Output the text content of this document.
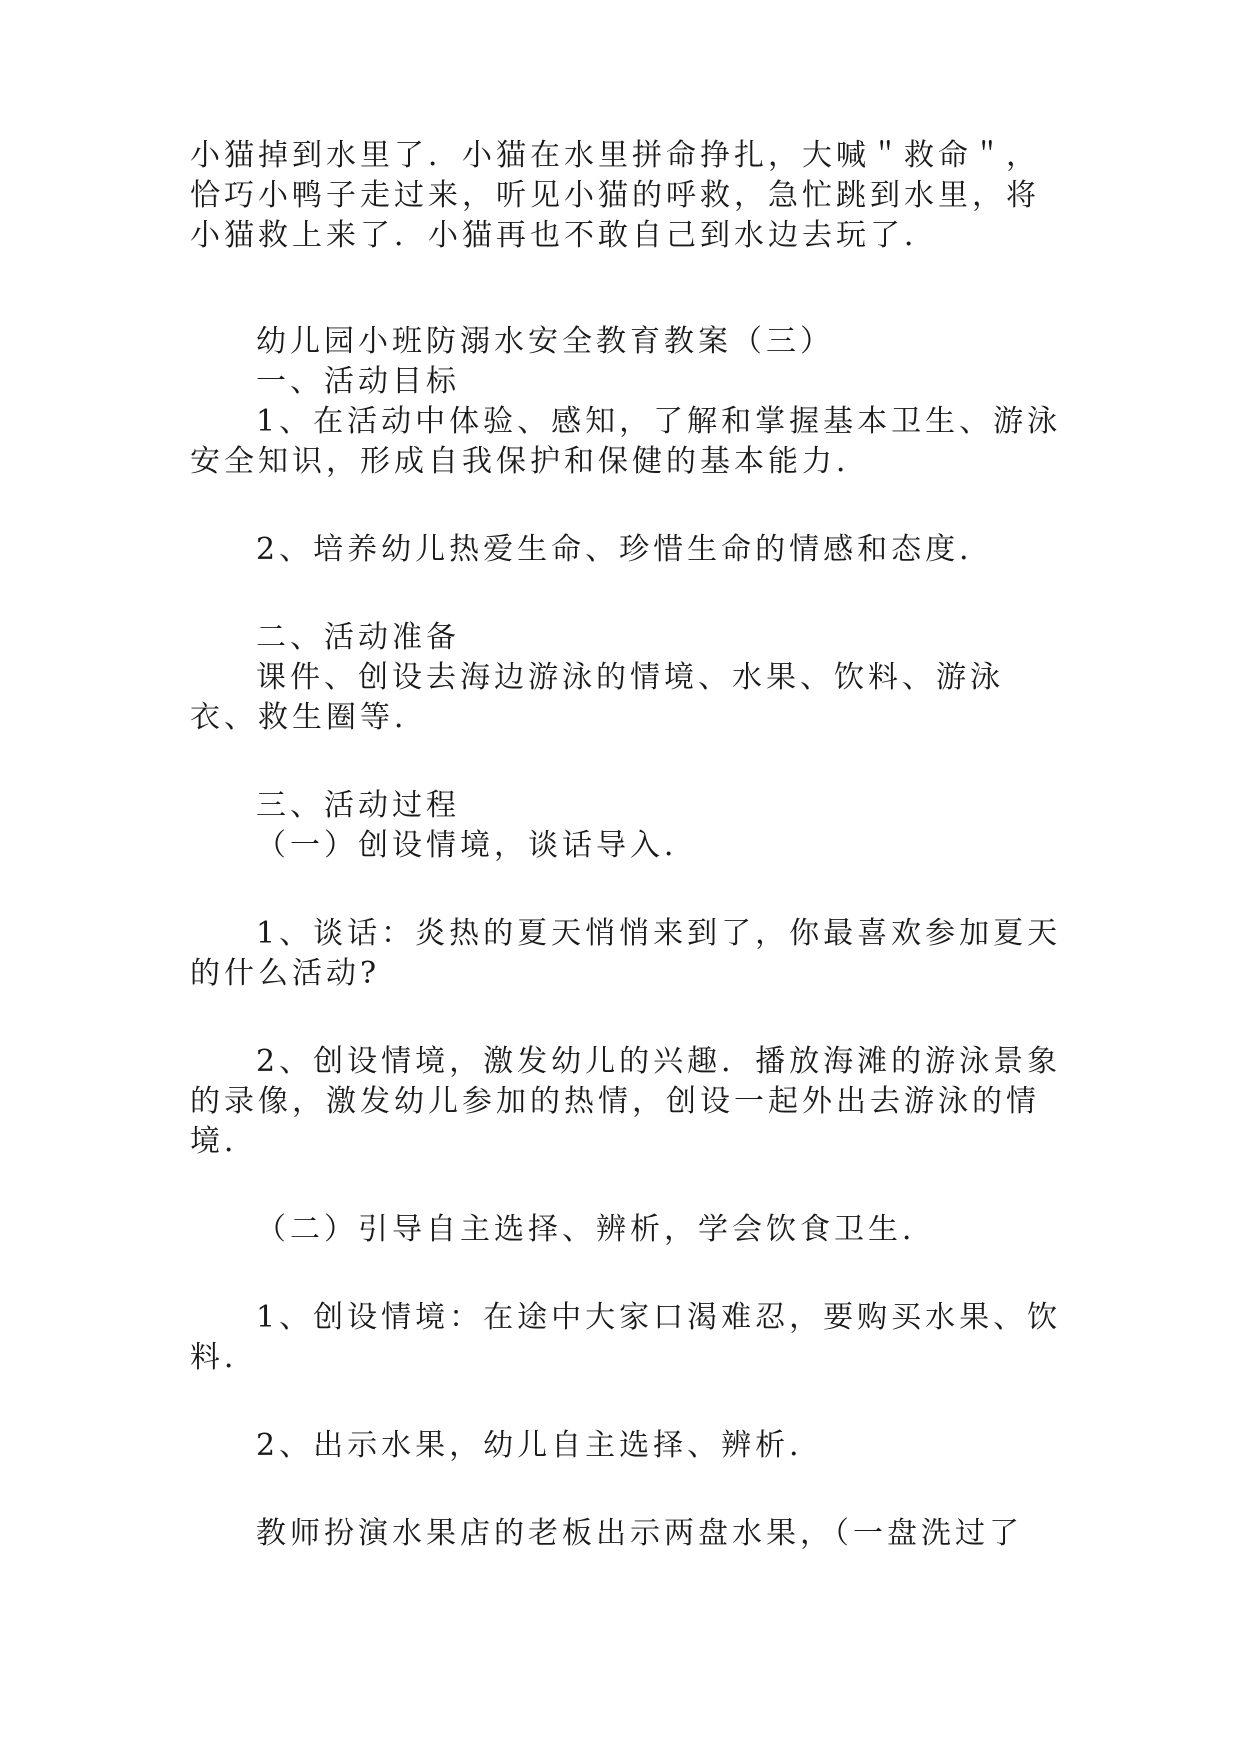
小猫掉到水里了．小猫在水里拼命挣扎，大喊＂救命＂，
恰巧小鸭子走过来，听见小猫的呼救，急忙跳到水里，将
小猫救上来了．小猫再也不敢自己到水边去玩了．
幼儿园小班防溺水安全教育教案（三）
一、活动目标
1、在活动中体验、感知，了解和掌握基本卫生、游泳
安全知识，形成自我保护和保健的基本能力．
2、培养幼儿热爱生命、珍惜生命的情感和态度．
二、活动准备
课件、创设去海边游泳的情境、水果、饮料、游泳
衣、救生圈等．
三、活动过程
（一）创设情境，谈话导入．
1、谈话：炎热的夏天悄悄来到了，你最喜欢参加夏天
的什么活动?
2、创设情境，激发幼儿的兴趣．播放海滩的游泳景象
的录像，激发幼儿参加的热情，创设一起外出去游泳的情
境．
（二）引导自主选择、辨析，学会饮食卫生．
1、创设情境：在途中大家口渴难忍，要购买水果、饮
料．
2、出示水果，幼儿自主选择、辨析．
教师扮演水果店的老板出示两盘水果，（一盘洗过了
